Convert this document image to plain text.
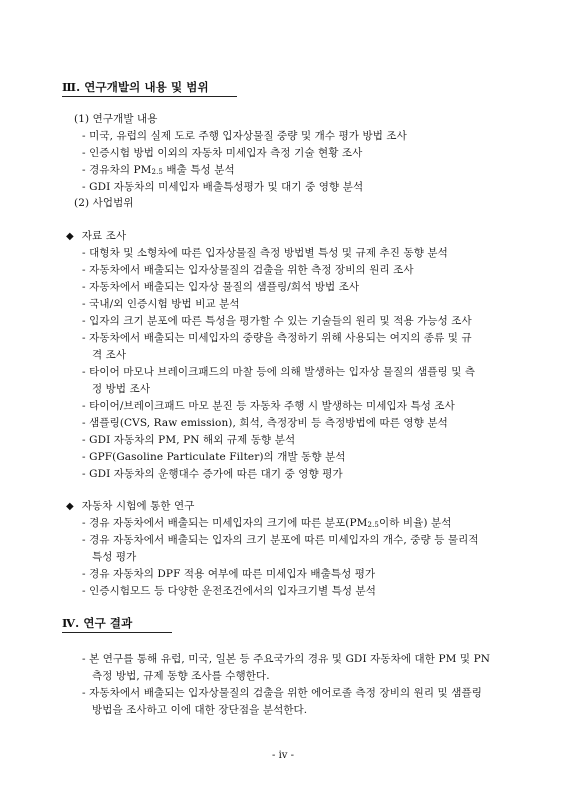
Ⅲ. 연구개발의 내용 및 범위
(1) 연구개발 내용
- 미국, 유럽의 실제 도로 주행 입자상물질 중량 및 개수 평가 방법 조사
- 인증시험 방법 이외의 자동차 미세입자 측정 기술 현황 조사
- 경유차의 PM2.5 배출 특성 분석
- GDI 자동차의 미세입자 배출특성평가 및 대기 중 영향 분석
(2) 사업범위
◆ 자료 조사
- 대형차 및 소형차에 따른 입자상물질 측정 방법별 특성 및 규제 추진 동향 분석
- 자동차에서 배출되는 입자상물질의 검출을 위한 측정 장비의 원리 조사
- 자동차에서 배출되는 입자상 물질의 샘플링/희석 방법 조사
- 국내/외 인증시험 방법 비교 분석
- 입자의 크기 분포에 따른 특성을 평가할 수 있는 기술들의 원리 및 적용 가능성 조사
- 자동차에서 배출되는 미세입자의 중량을 측정하기 위해 사용되는 여지의 종류 및 규
격 조사
- 타이어 마모나 브레이크패드의 마찰 등에 의해 발생하는 입자상 물질의 샘플링 및 측
정 방법 조사
- 타이어/브레이크패드 마모 분진 등 자동차 주행 시 발생하는 미세입자 특성 조사
- 샘플링(CVS, Raw emission), 희석, 측정장비 등 측정방법에 따른 영향 분석
- GDI 자동차의 PM, PN 해외 규제 동향 분석
- GPF(Gasoline Particulate Filter)의 개발 동향 분석
- GDI 자동차의 운행대수 증가에 따른 대기 중 영향 평가
◆ 자동차 시험에 통한 연구
- 경유 자동차에서 배출되는 미세입자의 크기에 따른 분포(PM2.5이하 비율) 분석
- 경유 자동차에서 배출되는 입자의 크기 분포에 따른 미세입자의 개수, 중량 등 물리적
특성 평가
- 경유 자동차의 DPF 적용 여부에 따른 미세입자 배출특성 평가
- 인증시험모드 등 다양한 운전조건에서의 입자크기별 특성 분석
Ⅳ. 연구 결과
- 본 연구를 통해 유럽, 미국, 일본 등 주요국가의 경유 및 GDI 자동차에 대한 PM 및 PN
측정 방법, 규제 동향 조사를 수행한다.
- 자동차에서 배출되는 입자상물질의 검출을 위한 에어로졸 측정 장비의 원리 및 샘플링
방법을 조사하고 이에 대한 장단점을 분석한다.
- iv -
